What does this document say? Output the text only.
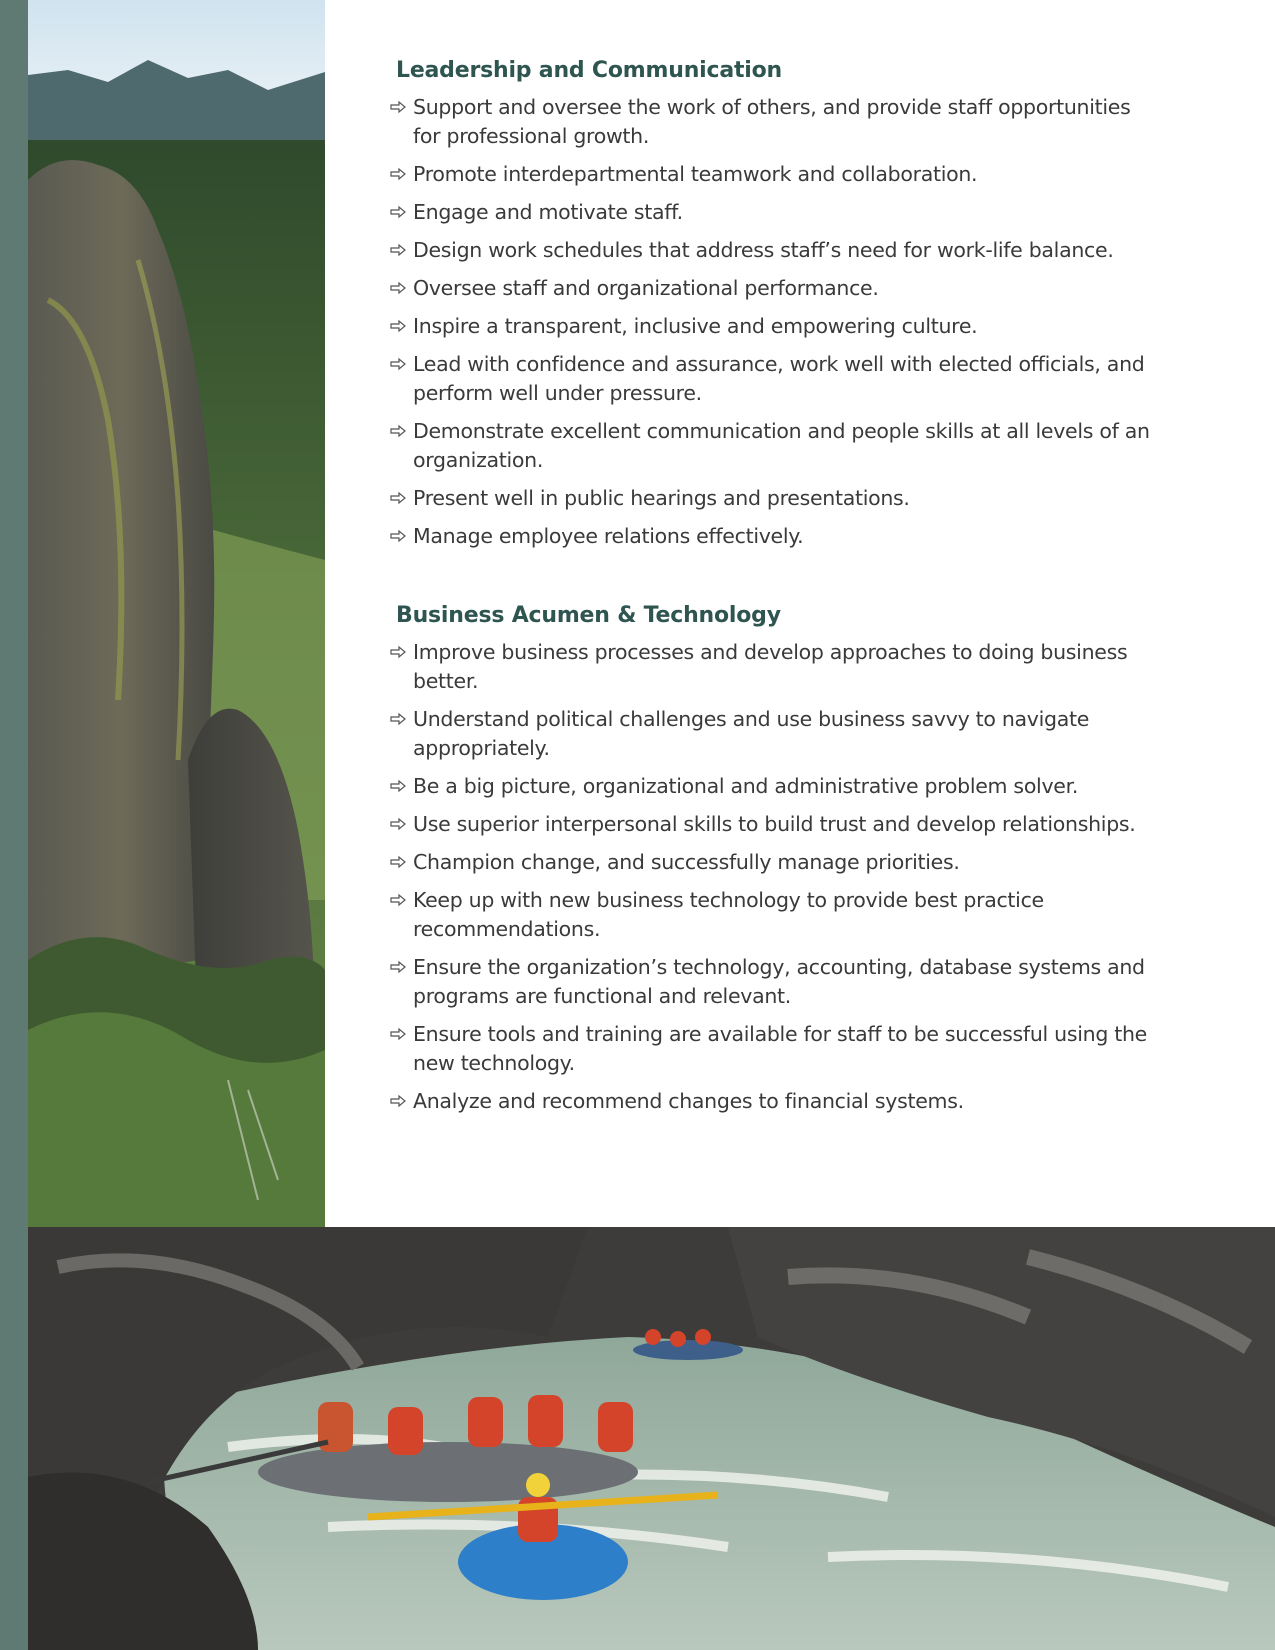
Leadership and Communication
Support and oversee the work of others, and provide staff opportunities
for professional growth.
Promote interdepartmental teamwork and collaboration.
Engage and motivate staff.
Design work schedules that address staff’s need for work-life balance.
Oversee staff and organizational performance.
Inspire a transparent, inclusive and empowering culture.
Lead with confidence and assurance, work well with elected officials, and perform well under pressure.
Demonstrate excellent communication and people skills at all levels of an organization.
Present well in public hearings and presentations.
Manage employee relations effectively.
Business Acumen & Technology
Improve business processes and develop approaches to doing business better.
Understand political challenges and use business savvy to navigate appropriately.
Be a big picture, organizational and administrative problem solver.
Use superior interpersonal skills to build trust and develop relationships.
Champion change, and successfully manage priorities.
Keep up with new business technology to provide best practice recommendations.
Ensure the organization’s technology, accounting, database systems and programs are functional and relevant.
Ensure tools and training are available for staff to be successful using the new technology.
Analyze and recommend changes to financial systems.
